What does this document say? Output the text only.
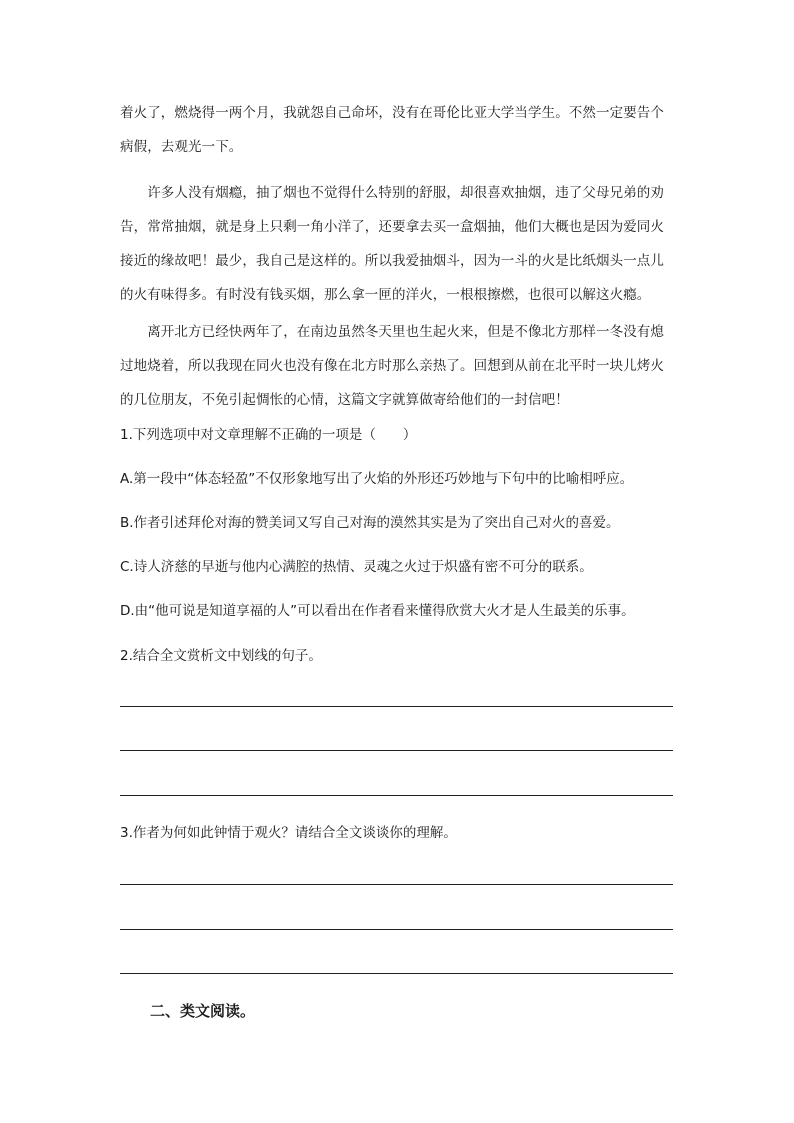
着火了，燃烧得一两个月，我就怨自己命坏，没有在哥伦比亚大学当学生。不然一定要告个
病假，去观光一下。

　　许多人没有烟瘾，抽了烟也不觉得什么特别的舒服，却很喜欢抽烟，违了父母兄弟的劝
告，常常抽烟，就是身上只剩一角小洋了，还要拿去买一盒烟抽，他们大概也是因为爱同火
接近的缘故吧！最少，我自己是这样的。所以我爱抽烟斗，因为一斗的火是比纸烟头一点儿
的火有味得多。有时没有钱买烟，那么拿一匣的洋火，一根根擦燃，也很可以解这火瘾。

　　离开北方已经快两年了，在南边虽然冬天里也生起火来，但是不像北方那样一冬没有熄
过地烧着，所以我现在同火也没有像在北方时那么亲热了。回想到从前在北平时一块儿烤火
的几位朋友，不免引起惆怅的心情，这篇文字就算做寄给他们的一封信吧！

1.下列选项中对文章理解不正确的一项是（　　）

A.第一段中“体态轻盈”不仅形象地写出了火焰的外形还巧妙地与下句中的比喻相呼应。

B.作者引述拜伦对海的赞美词又写自己对海的漠然其实是为了突出自己对火的喜爱。

C.诗人济慈的早逝与他内心满腔的热情、灵魂之火过于炽盛有密不可分的联系。

D.由“他可说是知道享福的人”可以看出在作者看来懂得欣赏大火才是人生最美的乐事。

2.结合全文赏析文中划线的句子。

3.作者为何如此钟情于观火？请结合全文谈谈你的理解。

二、类文阅读。
